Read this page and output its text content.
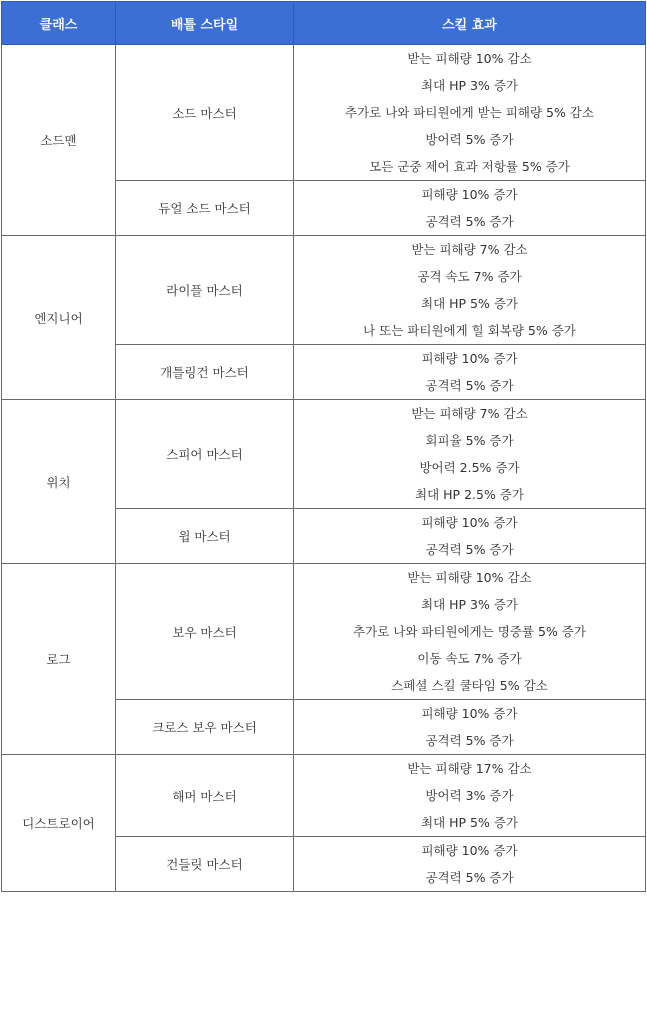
클래스	배틀 스타일	스킬 효과
소드맨	소드 마스터	받는 피해량 10% 감소
최대 HP 3% 증가
추가로 나와 파티원에게 받는 피해량 5% 감소
방어력 5% 증가
모든 군중 제어 효과 저항률 5% 증가

	듀얼 소드 마스터	피해량 10% 증가
공격력 5% 증가

엔지니어	라이플 마스터	받는 피해량 7% 감소
공격 속도 7% 증가
최대 HP 5% 증가
나 또는 파티원에게 힐 회복량 5% 증가

	개틀링건 마스터	피해량 10% 증가
공격력 5% 증가

위치	스피어 마스터	받는 피해량 7% 감소
회피율 5% 증가
방어력 2.5% 증가
최대 HP 2.5% 증가

	윕 마스터	피해량 10% 증가
공격력 5% 증가

로그	보우 마스터	받는 피해량 10% 감소
최대 HP 3% 증가
추가로 나와 파티원에게는 명중률 5% 증가
이동 속도 7% 증가
스페셜 스킬 쿨타임 5% 감소

	크로스 보우 마스터	피해량 10% 증가
공격력 5% 증가

디스트로이어	해머 마스터	받는 피해량 17% 감소
방어력 3% 증가
최대 HP 5% 증가

	건들릿 마스터	피해량 10% 증가
공격력 5% 증가
